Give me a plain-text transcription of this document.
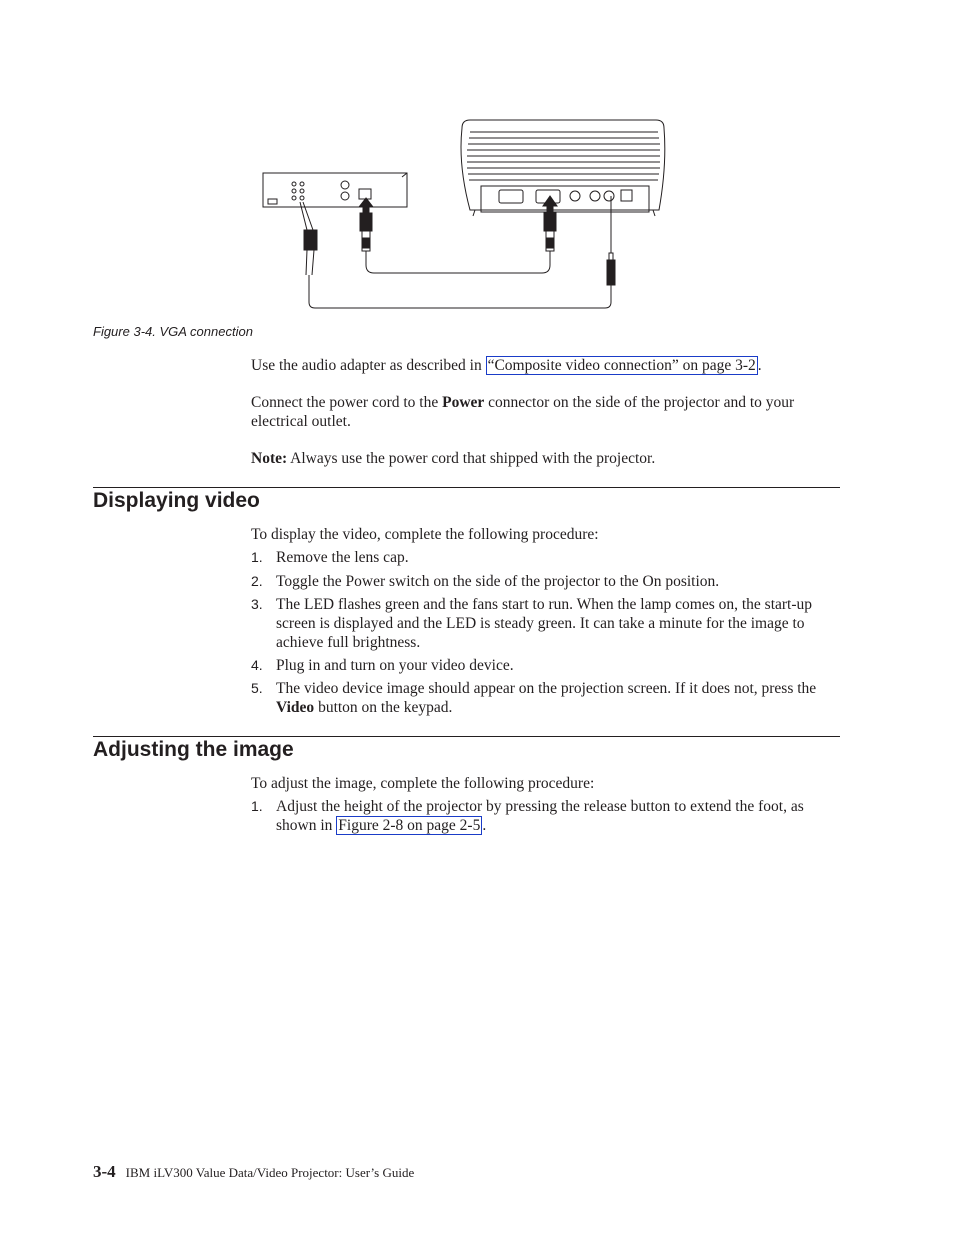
Figure 3-4. VGA connection
Use the audio adapter as described in “Composite video connection” on page 3-2 .
Connect the power cord to the Power connector on the side of the projector and to your electrical outlet.
Note: Always use the power cord that shipped with the projector.
Displaying video
To display the video, complete the following procedure:
1. Remove the lens cap.
2. Toggle the Power switch on the side of the projector to the On position.
3. The LED flashes green and the fans start to run. When the lamp comes on, the start-up screen is displayed and the LED is steady green. It can take a minute for the image to achieve full brightness.
4. Plug in and turn on your video device.
5. The video device image should appear on the projection screen. If it does not, press the Video button on the keypad.
Adjusting the image
To adjust the image, complete the following procedure:
1. Adjust the height of the projector by pressing the release button to extend the foot, as shown in Figure 2-8 on page 2-5 .
3-4 IBM iLV300 Value Data/Video Projector: User’s Guide
